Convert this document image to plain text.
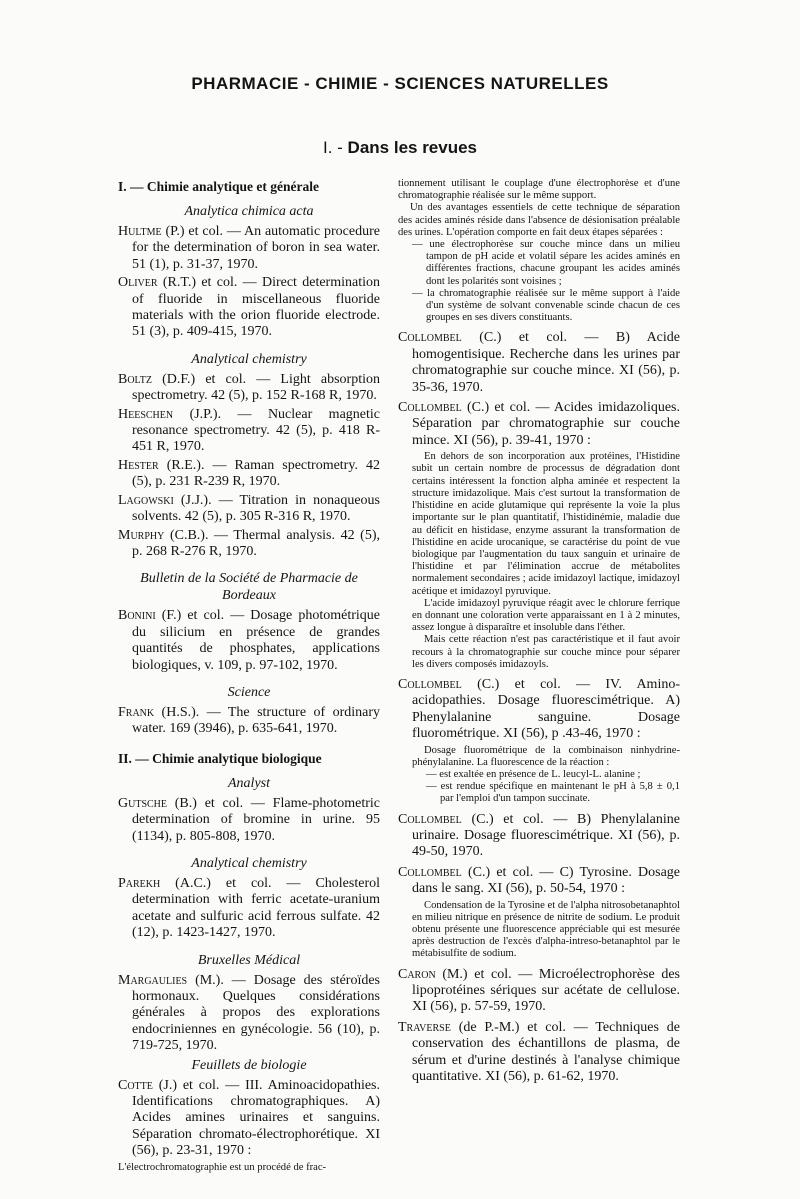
PHARMACIE - CHIMIE - SCIENCES NATURELLES
I. - Dans les revues
I. — Chimie analytique et générale
Analytica chimica acta
Hultme (P.) et col. — An automatic procedure for the determination of boron in sea water. 51 (1), p. 31-37, 1970.
Oliver (R.T.) et col. — Direct determination of fluoride in miscellaneous fluoride materials with the orion fluoride electrode. 51 (3), p. 409-415, 1970.
Analytical chemistry
Boltz (D.F.) et col. — Light absorption spectrometry. 42 (5), p. 152 R-168 R, 1970.
Heeschen (J.P.). — Nuclear magnetic resonance spectrometry. 42 (5), p. 418 R-451 R, 1970.
Hester (R.E.). — Raman spectrometry. 42 (5), p. 231 R-239 R, 1970.
Lagowski (J.J.). — Titration in nonaqueous solvents. 42 (5), p. 305 R-316 R, 1970.
Murphy (C.B.). — Thermal analysis. 42 (5), p. 268 R-276 R, 1970.
Bulletin de la Société de Pharmacie de Bordeaux
Bonini (F.) et col. — Dosage photométrique du silicium en présence de grandes quantités de phosphates, applications biologiques, v. 109, p. 97-102, 1970.
Science
Frank (H.S.). — The structure of ordinary water. 169 (3946), p. 635-641, 1970.
II. — Chimie analytique biologique
Analyst
Gutsche (B.) et col. — Flame-photometric determination of bromine in urine. 95 (1134), p. 805-808, 1970.
Analytical chemistry
Parekh (A.C.) et col. — Cholesterol determination with ferric acetate-uranium acetate and sulfuric acid ferrous sulfate. 42 (12), p. 1423-1427, 1970.
Bruxelles Médical
Margaulies (M.). — Dosage des stéroïdes hormonaux. Quelques considérations générales à propos des explorations endocriniennes en gynécologie. 56 (10), p. 719-725, 1970.
Feuillets de biologie
Cotte (J.) et col. — III. Aminoacidopathies. Identifications chromatographiques. A) Acides amines urinaires et sanguins. Séparation chromato-électrophorétique. XI (56), p. 23-31, 1970 :

L'électrochromatographie est un procédé de frac-

tionnement utilisant le couplage d'une électrophorèse et d'une chromatographie réalisée sur le même support.

Un des avantages essentiels de cette technique de séparation des acides aminés réside dans l'absence de désionisation préalable des urines. L'opération comporte en fait deux étapes séparées :

— une électrophorèse sur couche mince dans un milieu tampon de pH acide et volatil sépare les acides aminés en différentes fractions, chacune groupant les acides aminés dont les polarités sont voisines ;
— la chromatographie réalisée sur le même support à l'aide d'un système de solvant convenable scinde chacun de ces groupes en ses divers constituants.
Collombel (C.) et col. — B) Acide homogentisique. Recherche dans les urines par chromatographie sur couche mince. XI (56), p. 35-36, 1970.
Collombel (C.) et col. — Acides imidazoliques. Séparation par chromatographie sur couche mince. XI (56), p. 39-41, 1970 :

En dehors de son incorporation aux protéines, l'Histidine subit un certain nombre de processus de dégradation dont certains intéressent la fonction alpha aminée et respectent la structure imidazolique. Mais c'est surtout la transformation de l'histidine en acide glutamique qui représente la voie la plus importante sur le plan quantitatif, l'histidinémie, maladie due au déficit en histidase, enzyme assurant la transformation de l'histidine en acide urocanique, se caractérise du point de vue biologique par l'augmentation du taux sanguin et urinaire de l'histidine et par l'élimination accrue de métabolites normalement secondaires ; acide imidazoyl lactique, imidazoyl acétique et imidazoyl pyruvique.

L'acide imidazoyl pyruvique réagit avec le chlorure ferrique en donnant une coloration verte apparaissant en 1 à 2 minutes, assez longue à disparaître et insoluble dans l'éther.

Mais cette réaction n'est pas caractéristique et il faut avoir recours à la chromatographie sur couche mince pour séparer les divers composés imidazoyls.

Collombel (C.) et col. — IV. Amino-acidopathies. Dosage fluorescimétrique. A) Phenylalanine sanguine. Dosage fluorométrique. XI (56), p .43-46, 1970 :

Dosage fluorométrique de la combinaison ninhydrine-phénylalanine. La fluorescence de la réaction :

— est exaltée en présence de L. leucyl-L. alanine ;
— est rendue spécifique en maintenant le pH à 5,8 ± 0,1 par l'emploi d'un tampon succinate.
Collombel (C.) et col. — B) Phenylalanine urinaire. Dosage fluorescimétrique. XI (56), p. 49-50, 1970.
Collombel (C.) et col. — C) Tyrosine. Dosage dans le sang. XI (56), p. 50-54, 1970 :

Condensation de la Tyrosine et de l'alpha nitrosobetanaphtol en milieu nitrique en présence de nitrite de sodium. Le produit obtenu présente une fluorescence appréciable qui est mesurée après destruction de l'excès d'alpha-intreso-betanaphtol par le métabisulfite de sodium.

Caron (M.) et col. — Microélectrophorèse des lipoprotéines sériques sur acétate de cellulose. XI (56), p. 57-59, 1970.
Traverse (de P.-M.) et col. — Techniques de conservation des échantillons de plasma, de sérum et d'urine destinés à l'analyse chimique quantitative. XI (56), p. 61-62, 1970.
